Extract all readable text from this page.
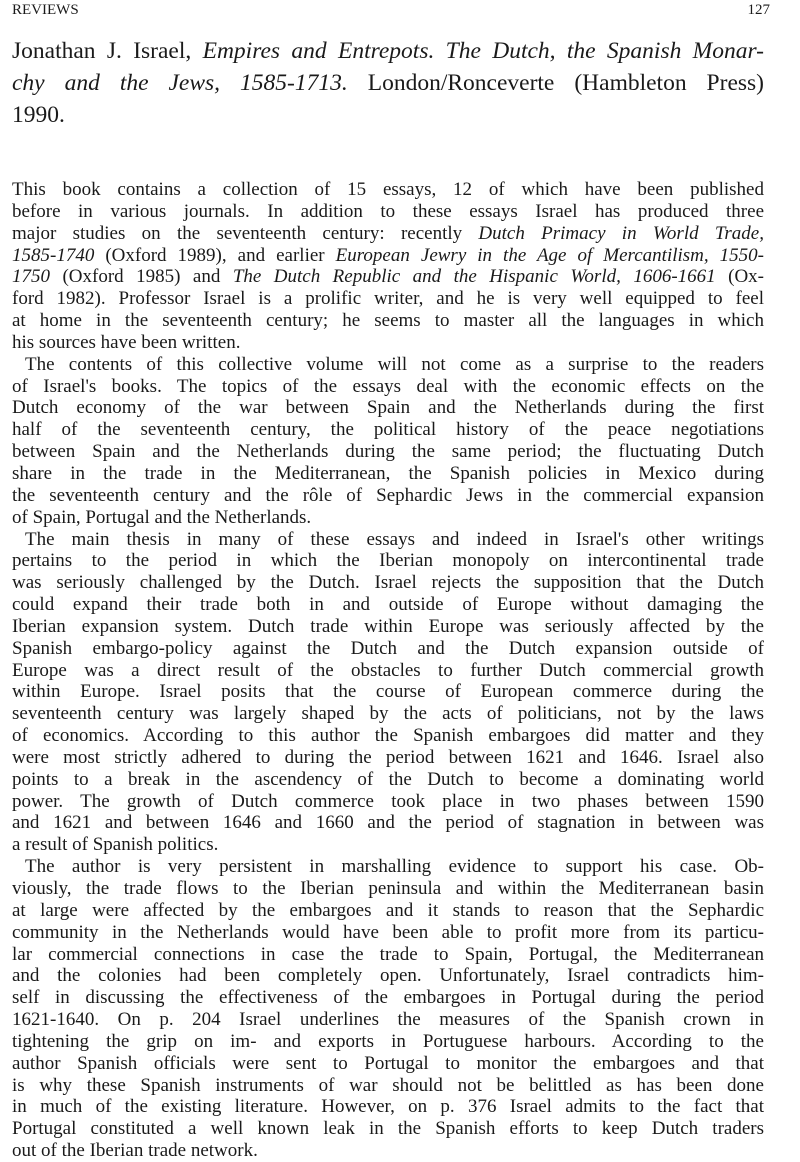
REVIEWS	127
Jonathan J. Israel, Empires and Entrepots. The Dutch, the Spanish Monar-
chy and the Jews, 1585-1713. London/Ronceverte (Hambleton Press)
1990.
This book contains a collection of 15 essays, 12 of which have been published
before in various journals. In addition to these essays Israel has produced three
major studies on the seventeenth century: recently Dutch Primacy in World Trade,
1585-1740 (Oxford 1989), and earlier European Jewry in the Age of Mercantilism, 1550-
1750 (Oxford 1985) and The Dutch Republic and the Hispanic World, 1606-1661 (Ox-
ford 1982). Professor Israel is a prolific writer, and he is very well equipped to feel
at home in the seventeenth century; he seems to master all the languages in which
his sources have been written.
The contents of this collective volume will not come as a surprise to the readers
of Israel's books. The topics of the essays deal with the economic effects on the
Dutch economy of the war between Spain and the Netherlands during the first
half of the seventeenth century, the political history of the peace negotiations
between Spain and the Netherlands during the same period; the fluctuating Dutch
share in the trade in the Mediterranean, the Spanish policies in Mexico during
the seventeenth century and the rôle of Sephardic Jews in the commercial expansion
of Spain, Portugal and the Netherlands.
The main thesis in many of these essays and indeed in Israel's other writings
pertains to the period in which the Iberian monopoly on intercontinental trade
was seriously challenged by the Dutch. Israel rejects the supposition that the Dutch
could expand their trade both in and outside of Europe without damaging the
Iberian expansion system. Dutch trade within Europe was seriously affected by the
Spanish embargo-policy against the Dutch and the Dutch expansion outside of
Europe was a direct result of the obstacles to further Dutch commercial growth
within Europe. Israel posits that the course of European commerce during the
seventeenth century was largely shaped by the acts of politicians, not by the laws
of economics. According to this author the Spanish embargoes did matter and they
were most strictly adhered to during the period between 1621 and 1646. Israel also
points to a break in the ascendency of the Dutch to become a dominating world
power. The growth of Dutch commerce took place in two phases between 1590
and 1621 and between 1646 and 1660 and the period of stagnation in between was
a result of Spanish politics.
The author is very persistent in marshalling evidence to support his case. Ob-
viously, the trade flows to the Iberian peninsula and within the Mediterranean basin
at large were affected by the embargoes and it stands to reason that the Sephardic
community in the Netherlands would have been able to profit more from its particu-
lar commercial connections in case the trade to Spain, Portugal, the Mediterranean
and the colonies had been completely open. Unfortunately, Israel contradicts him-
self in discussing the effectiveness of the embargoes in Portugal during the period
1621-1640. On p. 204 Israel underlines the measures of the Spanish crown in
tightening the grip on im- and exports in Portuguese harbours. According to the
author Spanish officials were sent to Portugal to monitor the embargoes and that
is why these Spanish instruments of war should not be belittled as has been done
in much of the existing literature. However, on p. 376 Israel admits to the fact that
Portugal constituted a well known leak in the Spanish efforts to keep Dutch traders
out of the Iberian trade network.
